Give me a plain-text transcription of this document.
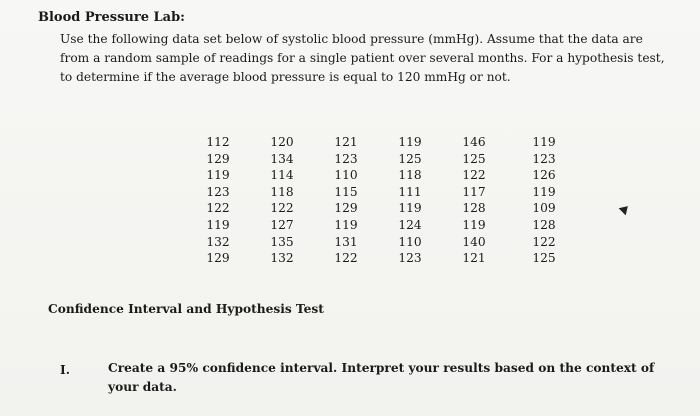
Blood Pressure Lab:
Use the following data set below of systolic blood pressure (mmHg). Assume that the data are from a random sample of readings for a single patient over several months. For a hypothesis test, to determine if the average blood pressure is equal to 120 mmHg or not.
112
129
119
123
122
119
132
129
120
134
114
118
122
127
135
132
121
123
110
115
129
119
131
122
119
125
118
111
119
124
110
123
146
125
122
117
128
119
140
121
119
123
126
119
109
128
122
125
Confidence Interval and Hypothesis Test
I.	Create a 95% confidence interval. Interpret your results based on the context of your data.
